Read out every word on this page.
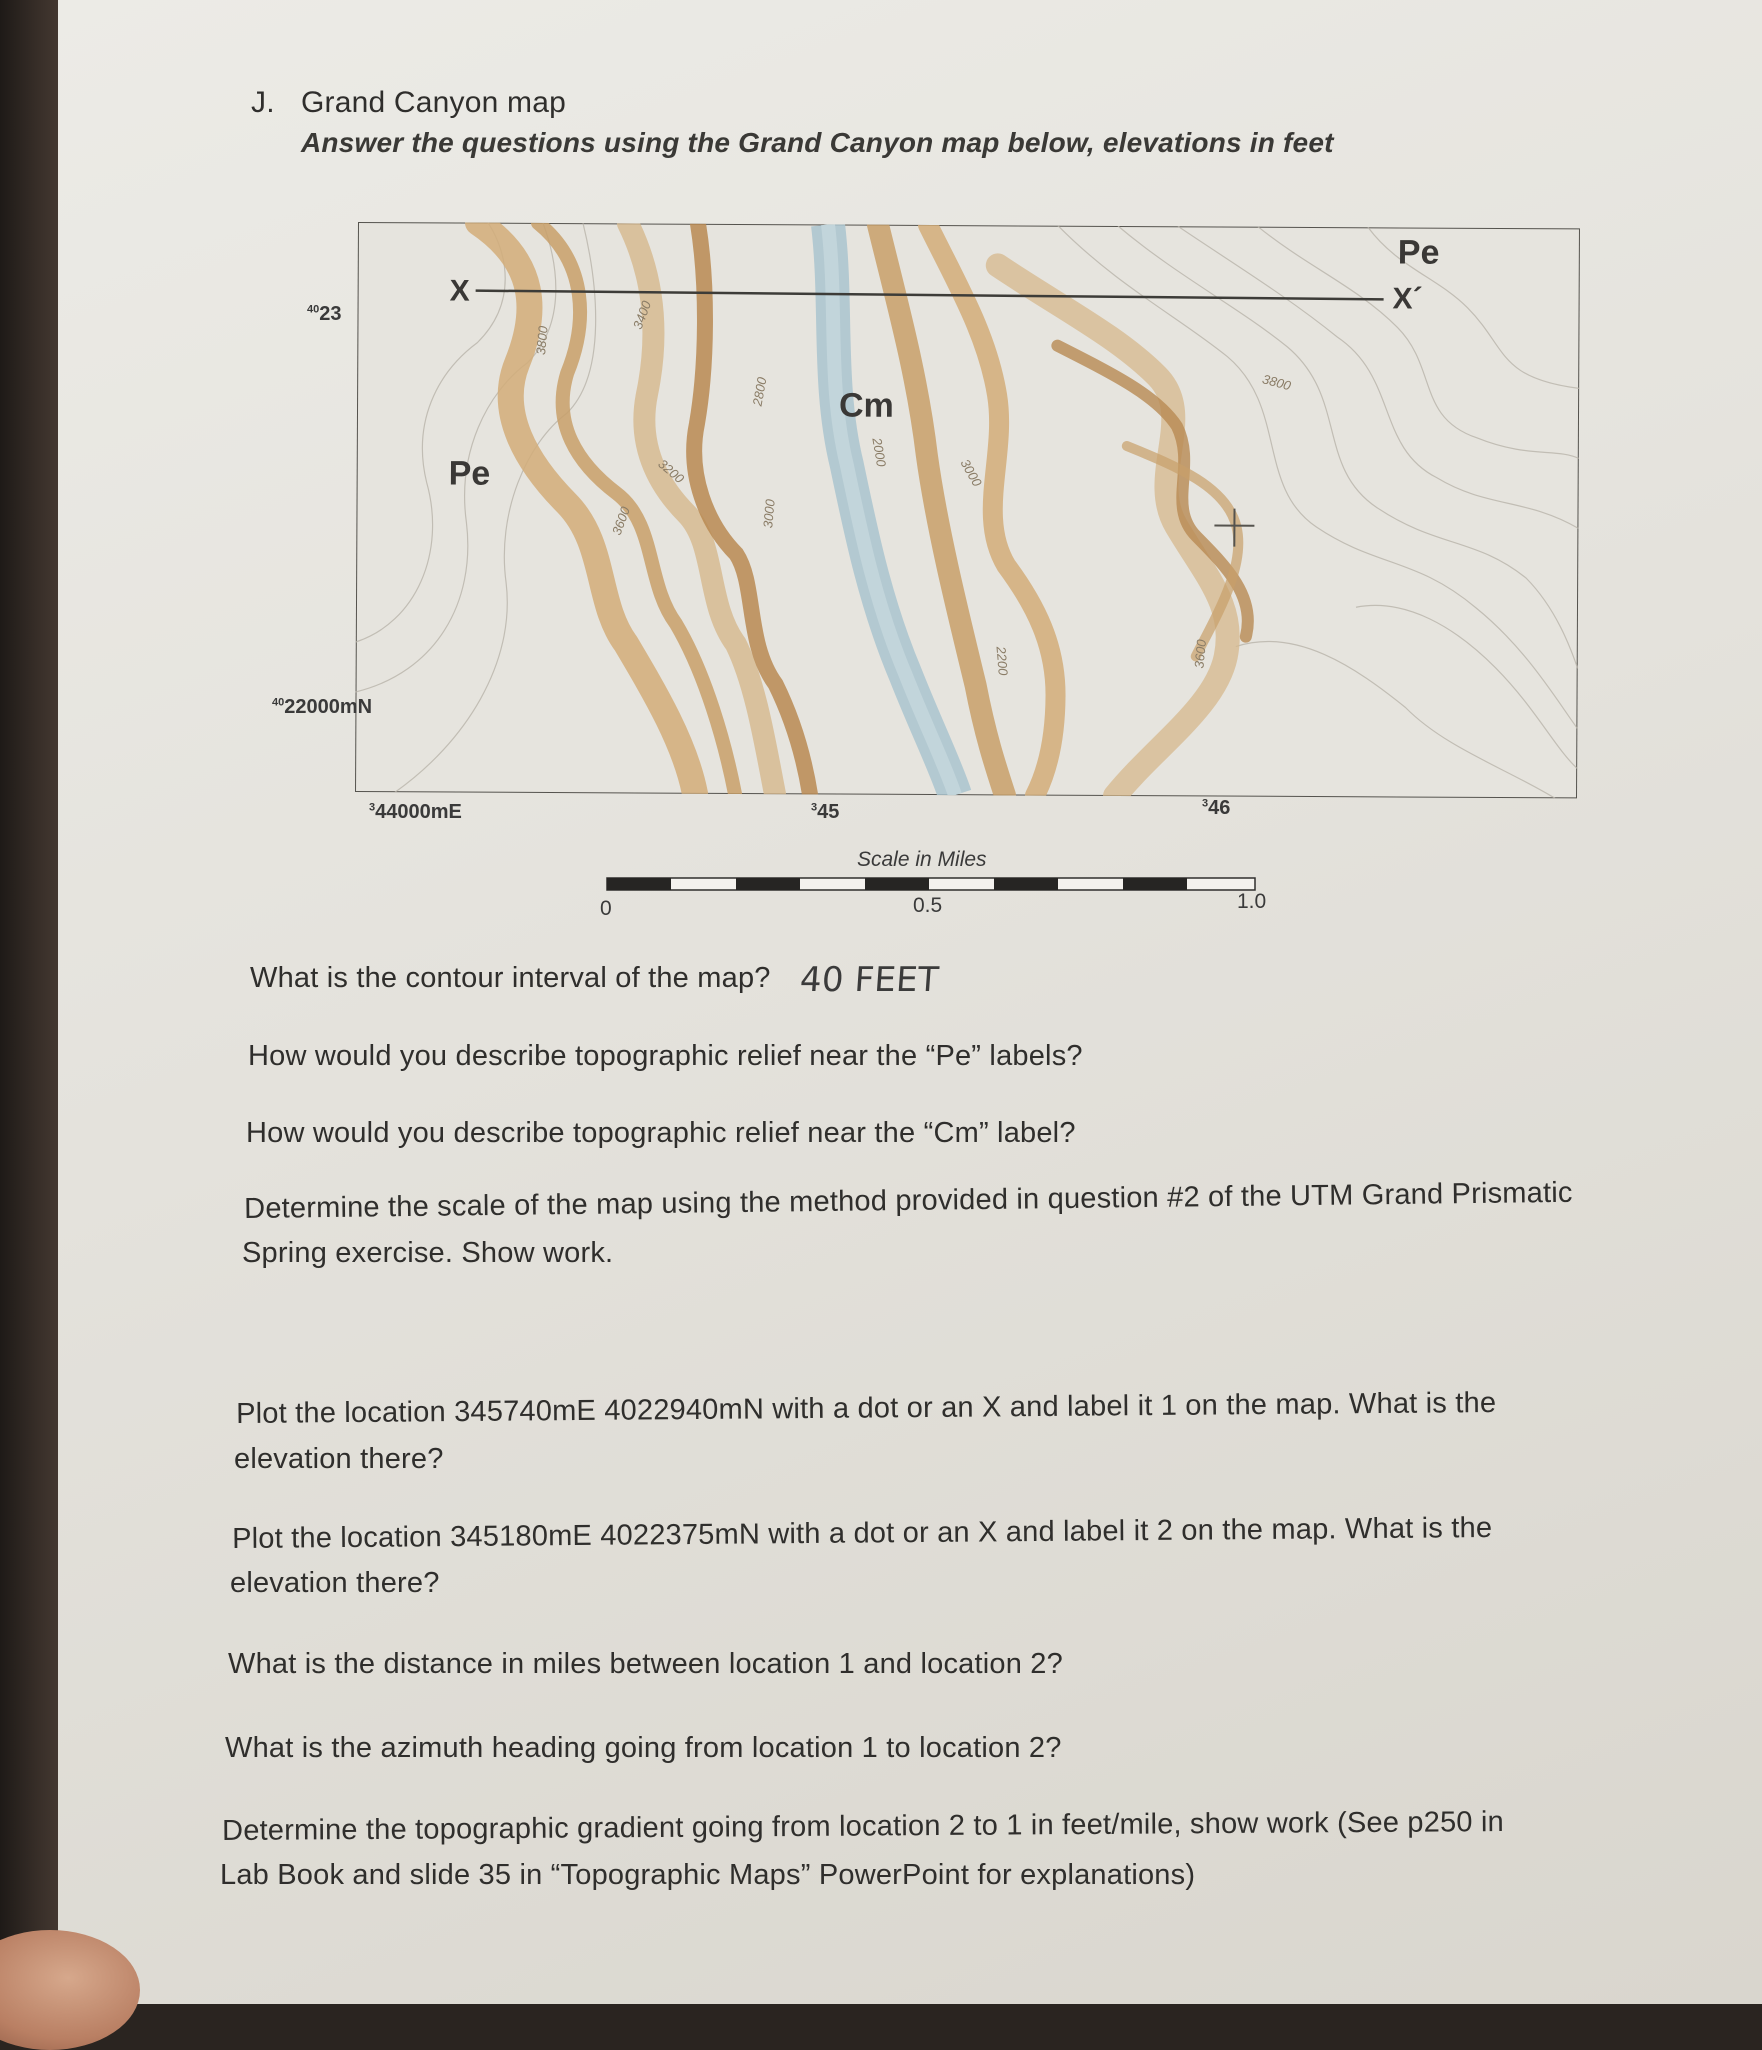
J. Grand Canyon map
Answer the questions using the Grand Canyon map below, elevations in feet
X	X´
Pe
Pe
Cm
3800
3400
3200
3600
2800
3000
2000
3000
2200	3600
3800
$^{40}$23
$^{40}$22000mN
$^3$44000mE	$^3$45	$^3$46
Scale in Miles
0	0.5	1.0
What is the contour interval of the map? 40 FEET
How would you describe topographic relief near the “Pe” labels?
How would you describe topographic relief near the “Cm” label?
Determine the scale of the map using the method provided in question #2 of the UTM Grand Prismatic
Spring exercise. Show work.
Plot the location 345740mE 4022940mN with a dot or an X and label it 1 on the map. What is the
elevation there?
Plot the location 345180mE 4022375mN with a dot or an X and label it 2 on the map. What is the
elevation there?
What is the distance in miles between location 1 and location 2?
What is the azimuth heading going from location 1 to location 2?
Determine the topographic gradient going from location 2 to 1 in feet/mile, show work (See p250 in
Lab Book and slide 35 in “Topographic Maps” PowerPoint for explanations)
